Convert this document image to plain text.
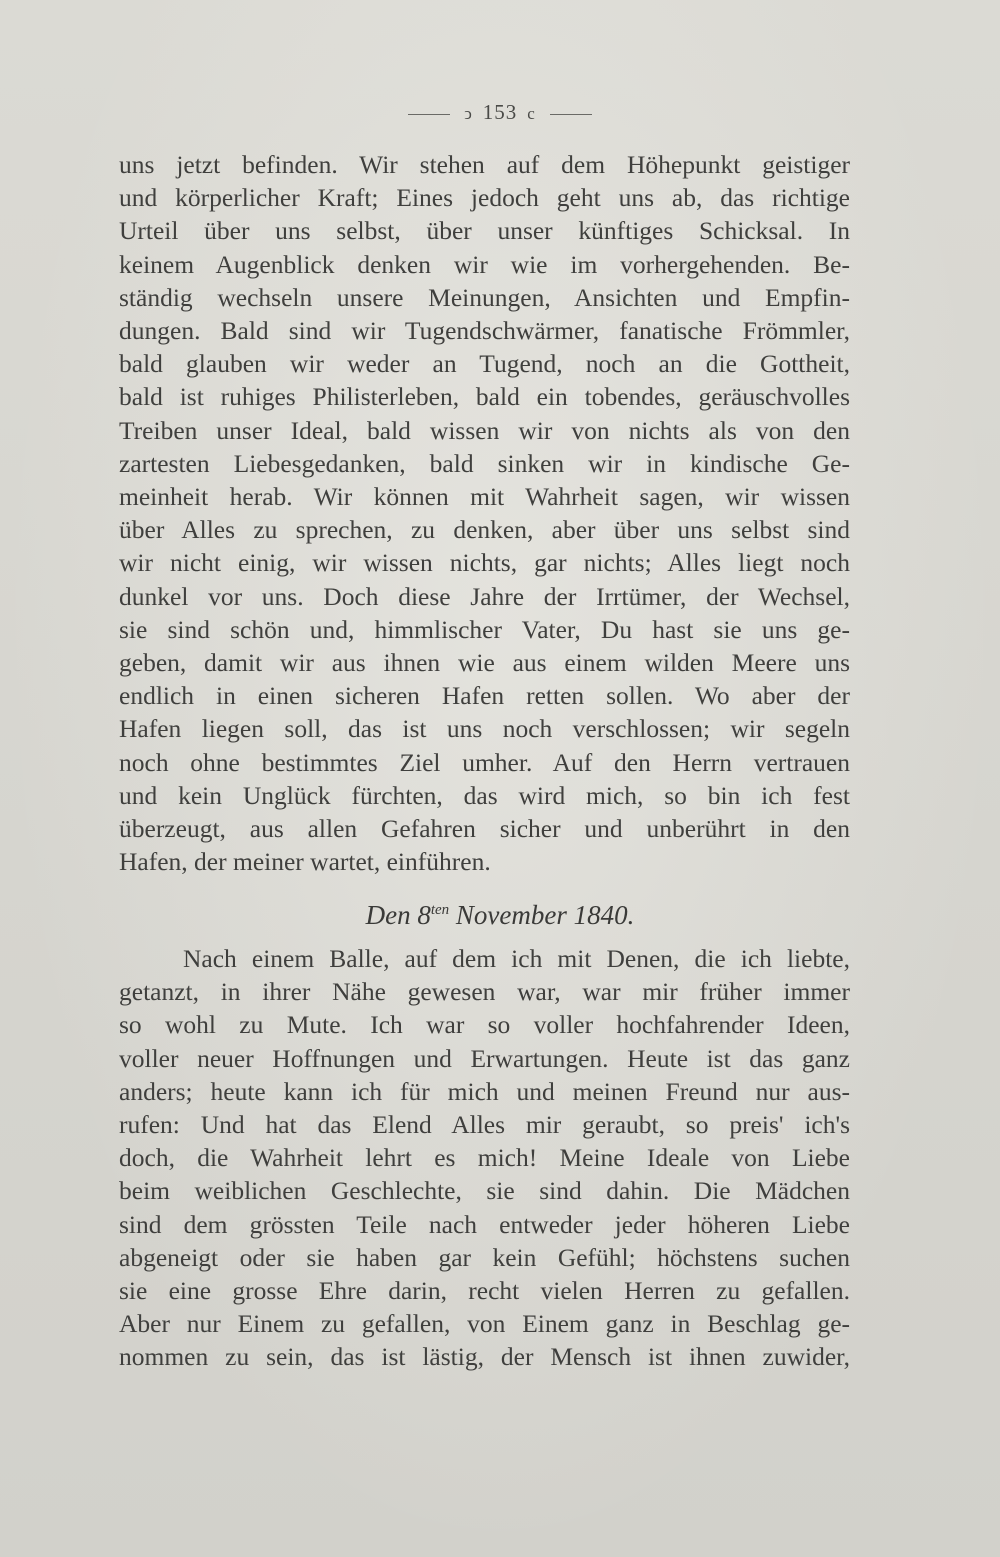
ↄ 153 c
uns jetzt befinden. Wir stehen auf dem Höhepunkt geistiger
und körperlicher Kraft; Eines jedoch geht uns ab, das richtige
Urteil über uns selbst, über unser künftiges Schicksal. In
keinem Augenblick denken wir wie im vorhergehenden. Be-
ständig wechseln unsere Meinungen, Ansichten und Empfin-
dungen. Bald sind wir Tugendschwärmer, fanatische Frömmler,
bald glauben wir weder an Tugend, noch an die Gottheit,
bald ist ruhiges Philisterleben, bald ein tobendes, geräuschvolles
Treiben unser Ideal, bald wissen wir von nichts als von den
zartesten Liebesgedanken, bald sinken wir in kindische Ge-
meinheit herab. Wir können mit Wahrheit sagen, wir wissen
über Alles zu sprechen, zu denken, aber über uns selbst sind
wir nicht einig, wir wissen nichts, gar nichts; Alles liegt noch
dunkel vor uns. Doch diese Jahre der Irrtümer, der Wechsel,
sie sind schön und, himmlischer Vater, Du hast sie uns ge-
geben, damit wir aus ihnen wie aus einem wilden Meere uns
endlich in einen sicheren Hafen retten sollen. Wo aber der
Hafen liegen soll, das ist uns noch verschlossen; wir segeln
noch ohne bestimmtes Ziel umher. Auf den Herrn vertrauen
und kein Unglück fürchten, das wird mich, so bin ich fest
überzeugt, aus allen Gefahren sicher und unberührt in den
Hafen, der meiner wartet, einführen.
Den $8^{ten}$ November 1840.
Nach einem Balle, auf dem ich mit Denen, die ich liebte,
getanzt, in ihrer Nähe gewesen war, war mir früher immer
so wohl zu Mute. Ich war so voller hochfahrender Ideen,
voller neuer Hoffnungen und Erwartungen. Heute ist das ganz
anders; heute kann ich für mich und meinen Freund nur aus-
rufen: Und hat das Elend Alles mir geraubt, so preis' ich's
doch, die Wahrheit lehrt es mich! Meine Ideale von Liebe
beim weiblichen Geschlechte, sie sind dahin. Die Mädchen
sind dem grössten Teile nach entweder jeder höheren Liebe
abgeneigt oder sie haben gar kein Gefühl; höchstens suchen
sie eine grosse Ehre darin, recht vielen Herren zu gefallen.
Aber nur Einem zu gefallen, von Einem ganz in Beschlag ge-
nommen zu sein, das ist lästig, der Mensch ist ihnen zuwider,
